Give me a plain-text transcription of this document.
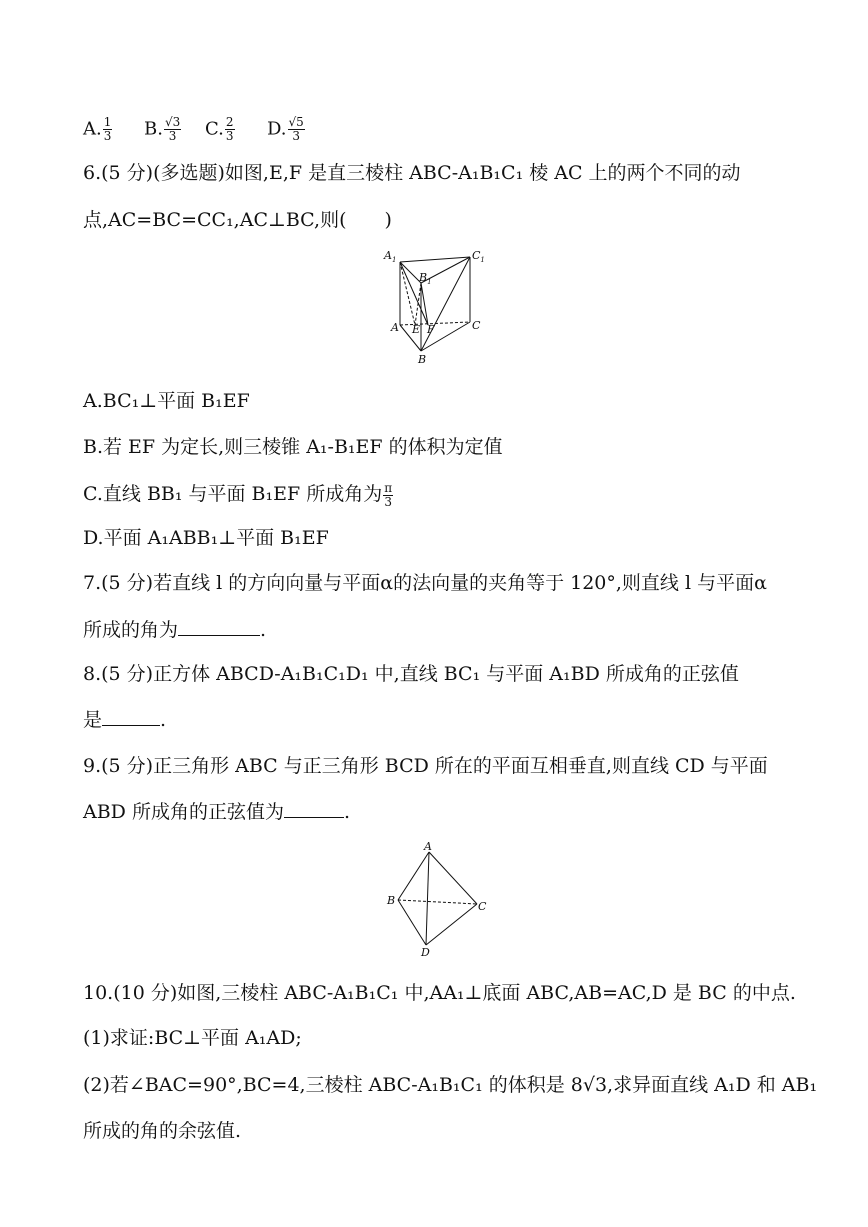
A. $\frac{1}{3} B$. $\frac{√3}{3} C$. $\frac{2}{3} D$. $\frac{√5}{3}$
6.(5 分)(多选题)如图,E,F 是直三棱柱 ABC-A₁B₁C₁ 棱 AC 上的两个不同的动
点,AC=BC=CC₁,AC⊥BC,则(　　)
$A_1$	$C_1$
$B_1$
A E F	C
B
A.BC₁⊥平面 B₁EF
B.若 EF 为定长,则三棱锥 A₁-B₁EF 的体积为定值
C.直线 BB₁ 与平面 B₁EF 所成角为 $\frac{\pi}{3}$
D.平面 A₁ABB₁⊥平面 B₁EF
7.(5 分)若直线 l 的方向向量与平面α的法向量的夹角等于 120°,则直线 l 与平面α
所成的角为	.
8.(5 分)正方体 ABCD-A₁B₁C₁D₁ 中,直线 BC₁ 与平面 A₁BD 所成角的正弦值
是	.
9.(5 分)正三角形 ABC 与正三角形 BCD 所在的平面互相垂直,则直线 CD 与平面
ABD 所成角的正弦值为	.
A
B	C
D
10.(10 分)如图,三棱柱 ABC-A₁B₁C₁ 中,AA₁⊥底面 ABC,AB=AC,D 是 BC 的中点.
(1)求证:BC⊥平面 A₁AD;
(2)若∠BAC=90°,BC=4,三棱柱 ABC-A₁B₁C₁ 的体积是 8√3,求异面直线 A₁D 和 AB₁
所成的角的余弦值.
